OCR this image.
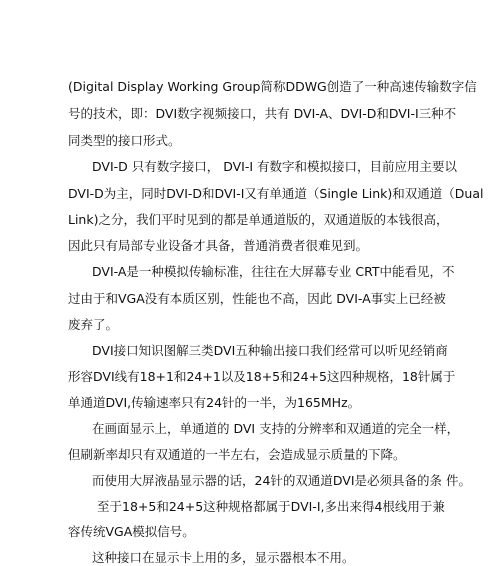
(Digital Display Working Group简称DDWG创造了一种高速传输数字信
号的技术，即：DVI数字视频接口，共有 DVI-A、DVI-D和DVI-I三种不
同类型的接口形式。
DVI-D 只有数字接口， DVI-I 有数字和模拟接口，目前应用主要以
DVI-D为主，同时DVI-D和DVI-I又有单通道（Single Link)和双通道（Dual
Link)之分，我们平时见到的都是单通道版的，双通道版的本钱很高，
因此只有局部专业设备才具备，普通消费者很难见到。
DVI-A是一种模拟传输标准，往往在大屏幕专业 CRT中能看见，不
过由于和VGA没有本质区别，性能也不高，因此 DVI-A事实上已经被
废弃了。
DVI接口知识图解三类DVI五种输出接口我们经常可以听见经销商
形容DVI线有18+1和24+1以及18+5和24+5这四种规格，18针属于
单通道DVI,传输速率只有24针的一半，为165MHz。
在画面显示上，单通道的 DVI 支持的分辨率和双通道的完全一样，
但刷新率却只有双通道的一半左右，会造成显示质量的下降。
而使用大屏液晶显示器的话，24针的双通道DVI是必须具备的条 件。
至于18+5和24+5这种规格都属于DVI-I,多出来得4根线用于兼
容传统VGA模拟信号。
这种接口在显示卡上用的多，显示器根本不用。
